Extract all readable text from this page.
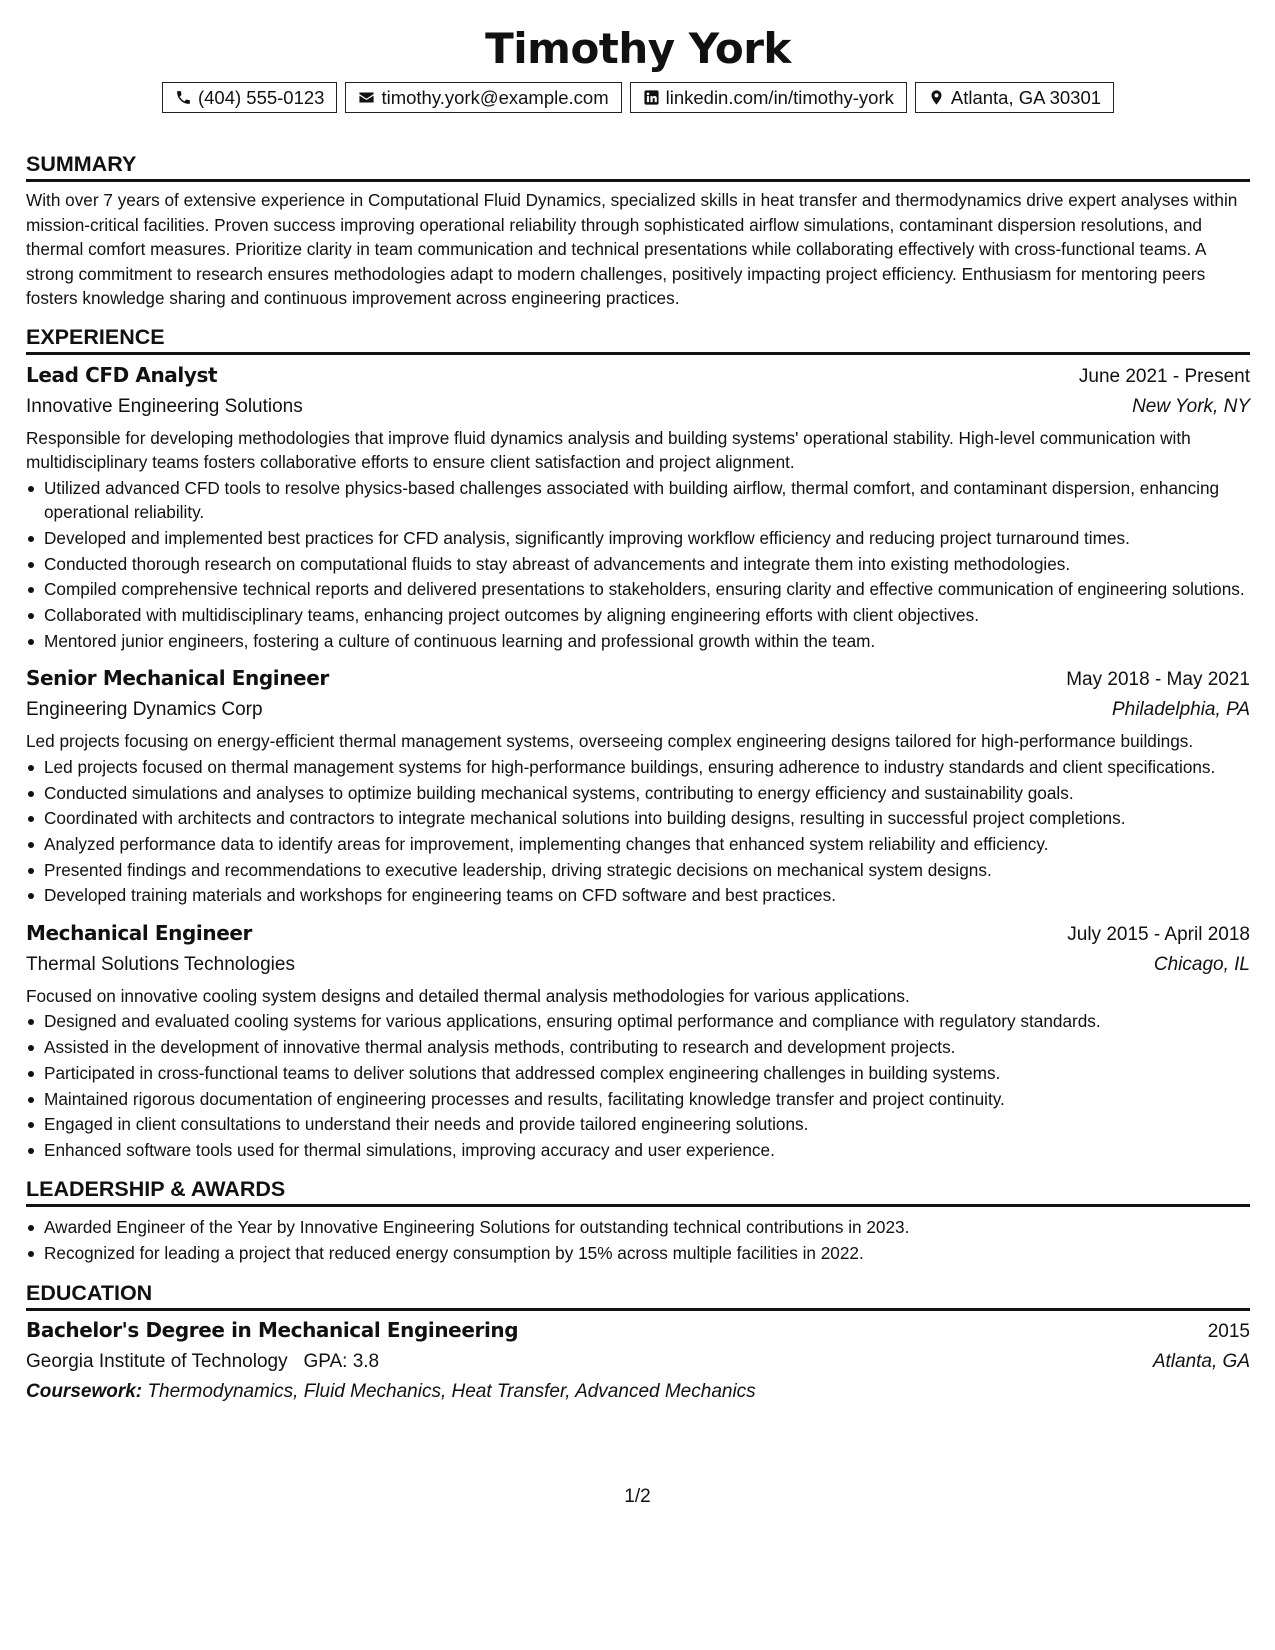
Timothy York
(404) 555-0123	timothy.york@example.com	linkedin.com/in/timothy-york	Atlanta, GA 30301
SUMMARY

With over 7 years of extensive experience in Computational Fluid Dynamics, specialized skills in heat transfer and thermodynamics drive expert analyses within mission-critical facilities. Proven success improving operational reliability through sophisticated airflow simulations, contaminant dispersion resolutions, and thermal comfort measures. Prioritize clarity in team communication and technical presentations while collaborating effectively with cross-functional teams. A strong commitment to research ensures methodologies adapt to modern challenges, positively impacting project efficiency. Enthusiasm for mentoring peers fosters knowledge sharing and continuous improvement across engineering practices.

EXPERIENCE
Lead CFD Analyst	June 2021 - Present
Innovative Engineering Solutions	New York, NY

Responsible for developing methodologies that improve fluid dynamics analysis and building systems' operational stability. High-level communication with multidisciplinary teams fosters collaborative efforts to ensure client satisfaction and project alignment.

Utilized advanced CFD tools to resolve physics-based challenges associated with building airflow, thermal comfort, and contaminant dispersion, enhancing operational reliability.
Developed and implemented best practices for CFD analysis, significantly improving workflow efficiency and reducing project turnaround times.
Conducted thorough research on computational fluids to stay abreast of advancements and integrate them into existing methodologies.
Compiled comprehensive technical reports and delivered presentations to stakeholders, ensuring clarity and effective communication of engineering solutions.
Collaborated with multidisciplinary teams, enhancing project outcomes by aligning engineering efforts with client objectives.
Mentored junior engineers, fostering a culture of continuous learning and professional growth within the team.
Senior Mechanical Engineer	May 2018 - May 2021
Engineering Dynamics Corp	Philadelphia, PA

Led projects focusing on energy-efficient thermal management systems, overseeing complex engineering designs tailored for high-performance buildings.

Led projects focused on thermal management systems for high-performance buildings, ensuring adherence to industry standards and client specifications.
Conducted simulations and analyses to optimize building mechanical systems, contributing to energy efficiency and sustainability goals.
Coordinated with architects and contractors to integrate mechanical solutions into building designs, resulting in successful project completions.
Analyzed performance data to identify areas for improvement, implementing changes that enhanced system reliability and efficiency.
Presented findings and recommendations to executive leadership, driving strategic decisions on mechanical system designs.
Developed training materials and workshops for engineering teams on CFD software and best practices.
Mechanical Engineer	July 2015 - April 2018
Thermal Solutions Technologies	Chicago, IL

Focused on innovative cooling system designs and detailed thermal analysis methodologies for various applications.

Designed and evaluated cooling systems for various applications, ensuring optimal performance and compliance with regulatory standards.
Assisted in the development of innovative thermal analysis methods, contributing to research and development projects.
Participated in cross-functional teams to deliver solutions that addressed complex engineering challenges in building systems.
Maintained rigorous documentation of engineering processes and results, facilitating knowledge transfer and project continuity.
Engaged in client consultations to understand their needs and provide tailored engineering solutions.
Enhanced software tools used for thermal simulations, improving accuracy and user experience.
LEADERSHIP & AWARDS
Awarded Engineer of the Year by Innovative Engineering Solutions for outstanding technical contributions in 2023.
Recognized for leading a project that reduced energy consumption by 15% across multiple facilities in 2022.
EDUCATION
Bachelor's Degree in Mechanical Engineering	2015
Georgia Institute of Technology GPA: 3.8	Atlanta, GA
Coursework: Thermodynamics, Fluid Mechanics, Heat Transfer, Advanced Mechanics
1/2
